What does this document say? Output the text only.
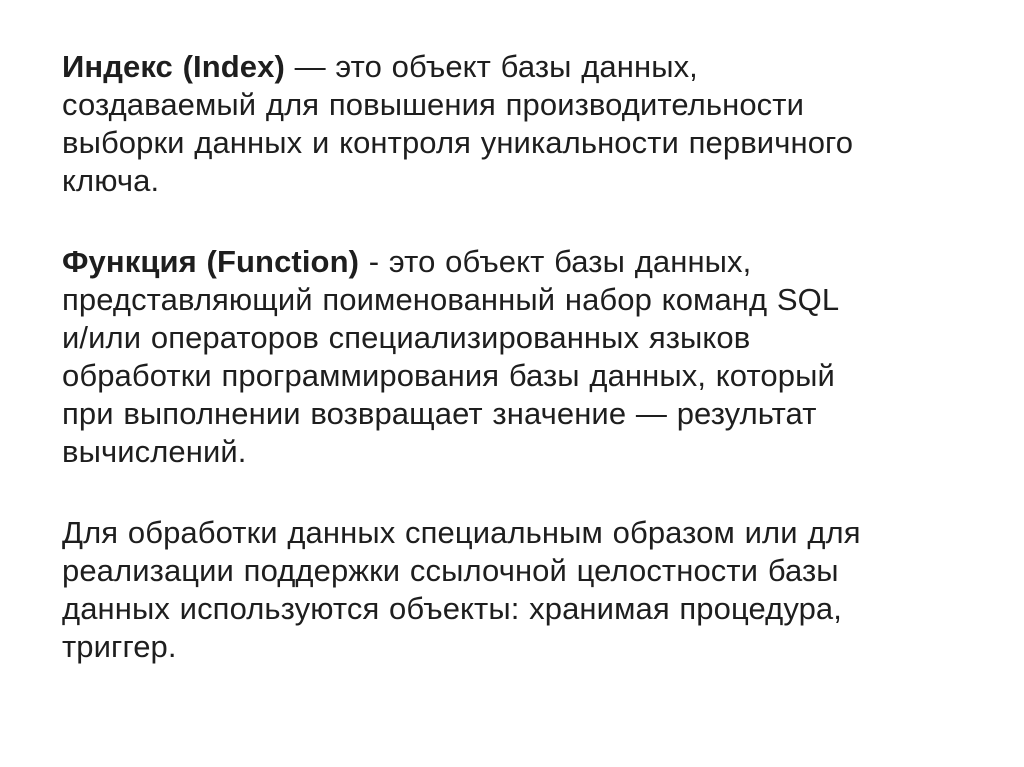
Индекс (Index) — это объект базы данных,
создаваемый для повышения производительности
выборки данных и контроля уникальности первичного
ключа.

Функция (Function) - это объект базы данных,
представляющий поименованный набор команд SQL
и/или операторов специализированных языков
обработки программирования базы данных, который
при выполнении возвращает значение — результат
вычислений.

Для обработки данных специальным образом или для
реализации поддержки ссылочной целостности базы
данных используются объекты: хранимая процедура,
триггер.
